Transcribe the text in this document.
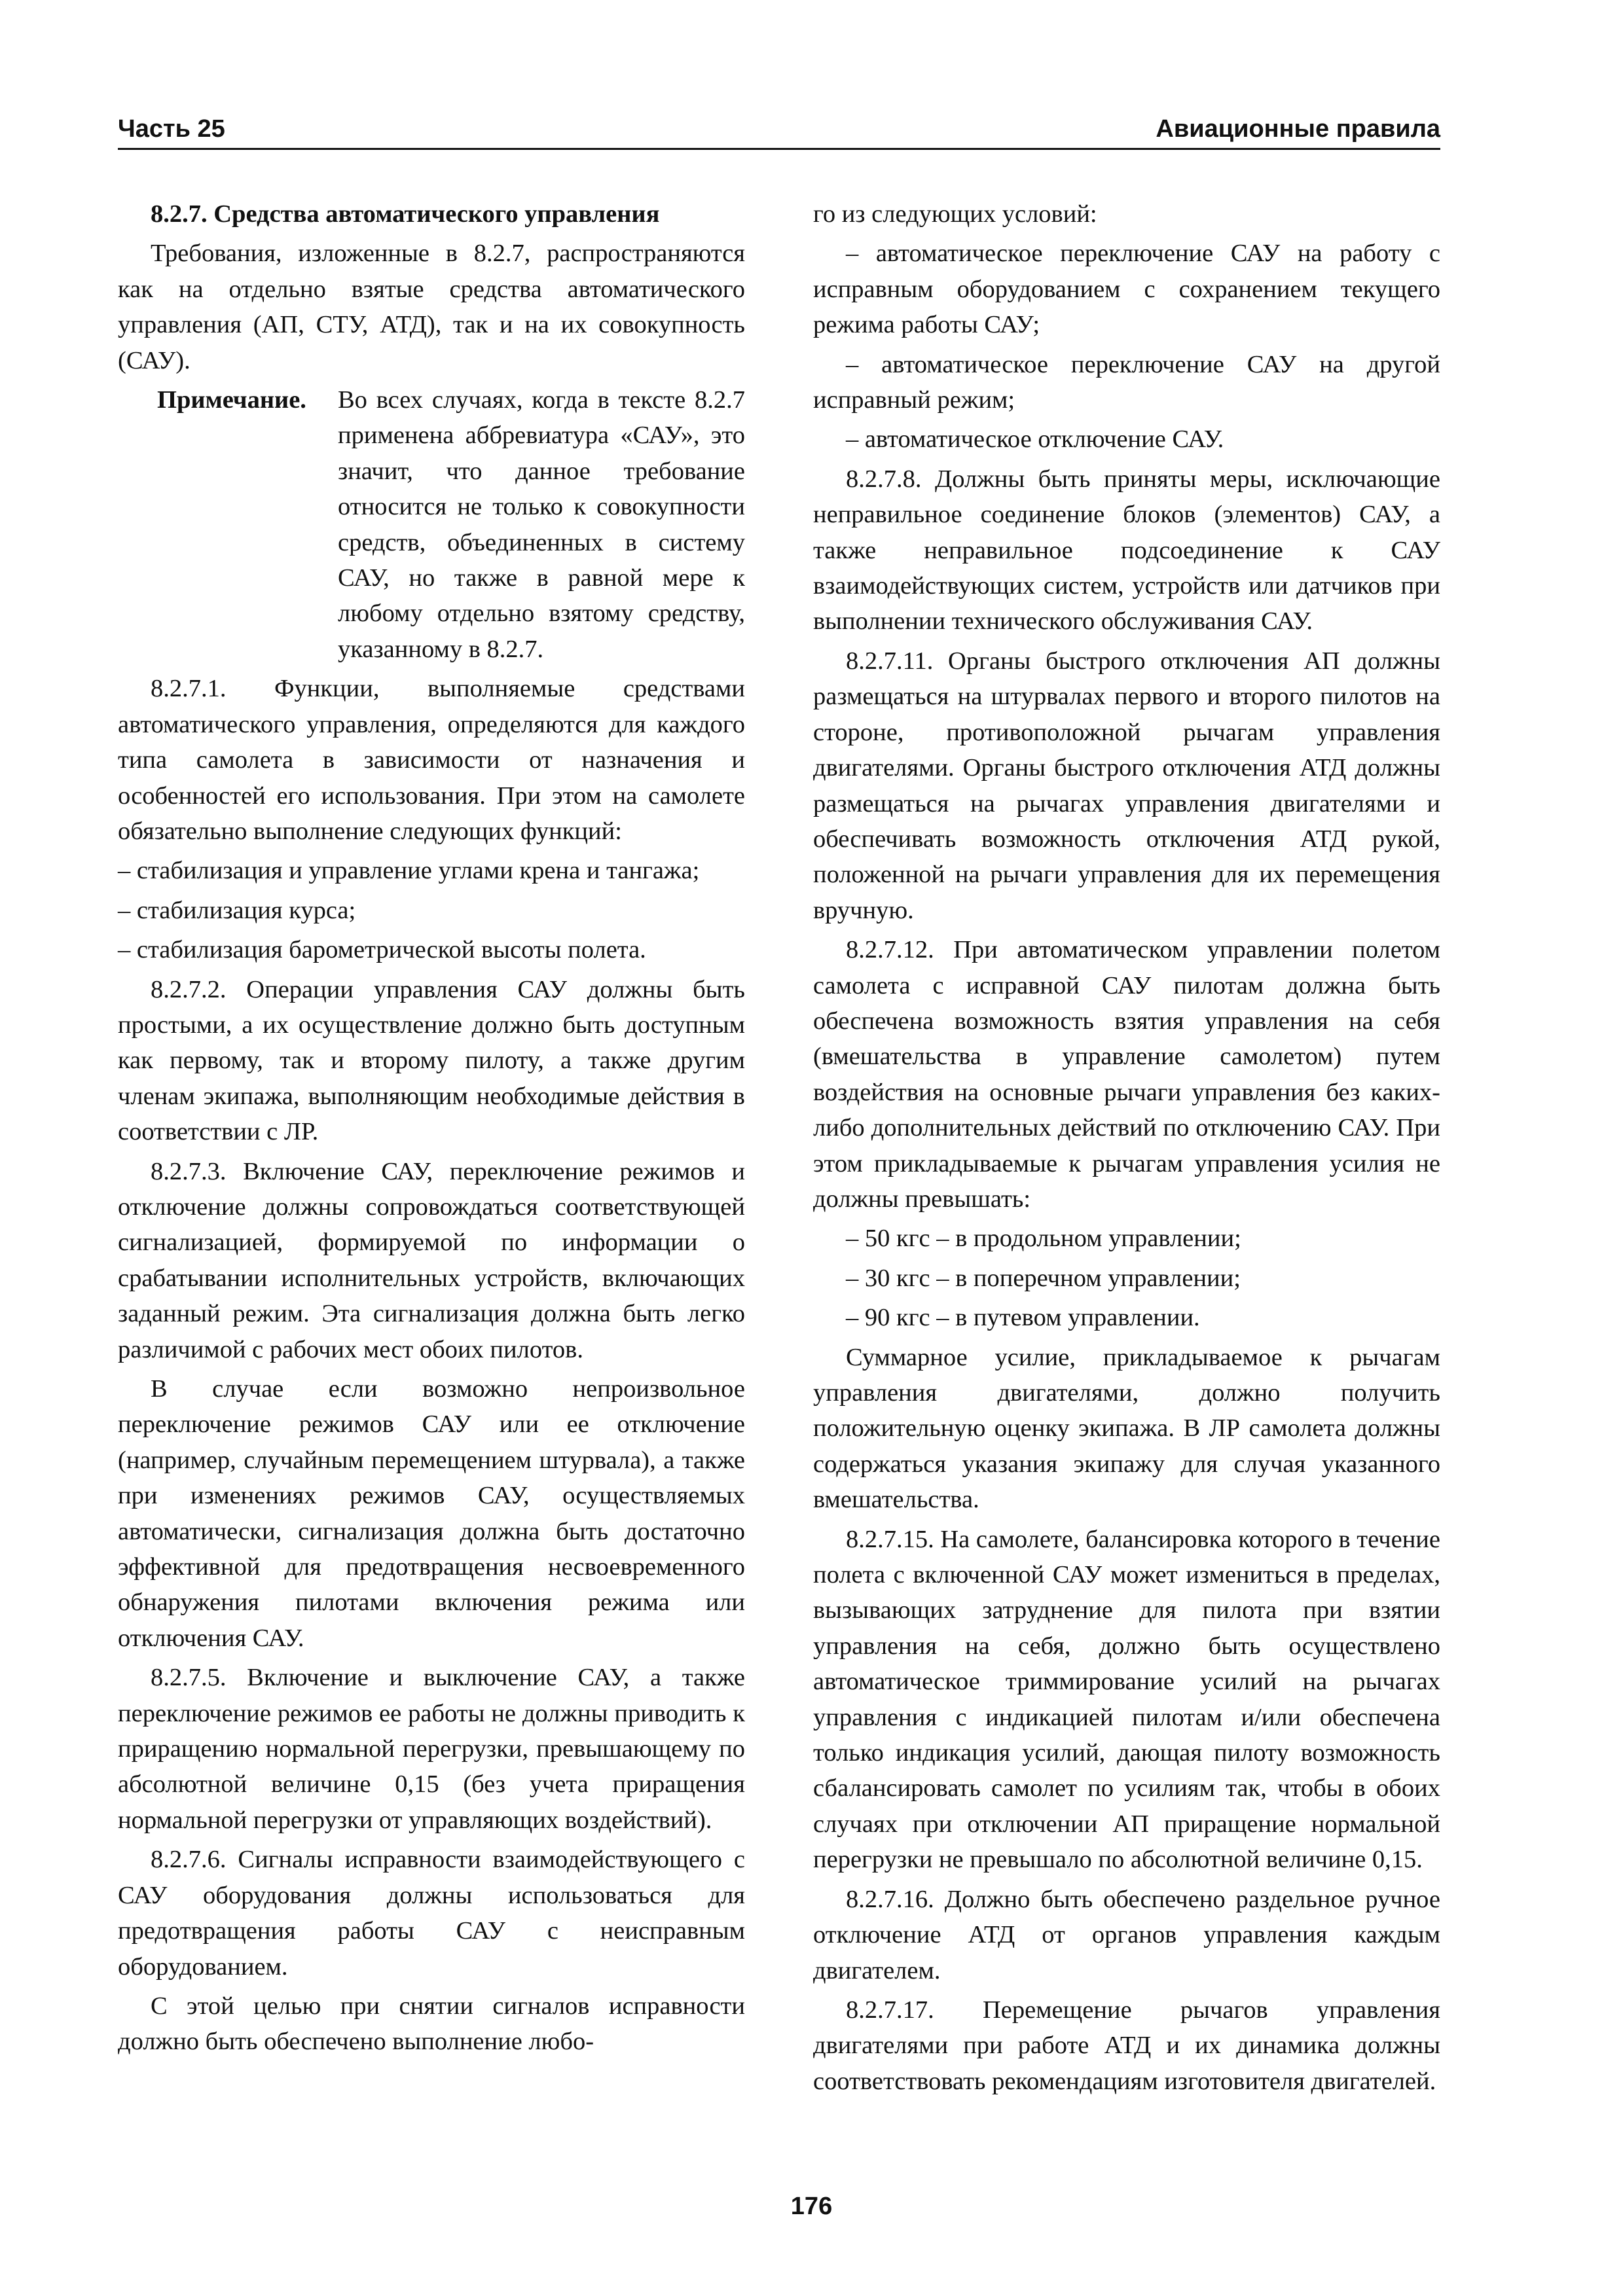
Часть 25	Авиационные правила

8.2.7. Средства автоматического управления

Требования, изложенные в 8.2.7, распространяются как на отдельно взятые средства автоматического управления (АП, СТУ, АТД), так и на их совокупность (САУ).

Примечание. Во всех случаях, когда в тексте 8.2.7 применена аббревиатура «САУ», это значит, что данное требование относится не только к совокупности средств, объединенных в систему САУ, но также в равной мере к любому отдельно взятому средству, указанному в 8.2.7.

8.2.7.1. Функции, выполняемые средствами автоматического управления, определяются для каждого типа самолета в зависимости от назначения и особенностей его использования. При этом на самолете обязательно выполнение следующих функций:

– стабилизация и управление углами крена и тангажа;

– стабилизация курса;

– стабилизация барометрической высоты полета.

8.2.7.2. Операции управления САУ должны быть простыми, а их осуществление должно быть доступным как первому, так и второму пилоту, а также другим членам экипажа, выполняющим необходимые действия в соответствии с ЛР.

8.2.7.3. Включение САУ, переключение режимов и отключение должны сопровождаться соответствующей сигнализацией, формируемой по информации о срабатывании исполнительных устройств, включающих заданный режим. Эта сигнализация должна быть легко различимой с рабочих мест обоих пилотов.

В случае если возможно непроизвольное переключение режимов САУ или ее отключение (например, случайным перемещением штурвала), а также при изменениях режимов САУ, осуществляемых автоматически, сигнализация должна быть достаточно эффективной для предотвращения несвоевременного обнаружения пилотами включения режима или отключения САУ.

8.2.7.5. Включение и выключение САУ, а также переключение режимов ее работы не должны приводить к приращению нормальной перегрузки, превышающему по абсолютной величине 0,15 (без учета приращения нормальной перегрузки от управляющих воздействий).

8.2.7.6. Сигналы исправности взаимодействующего с САУ оборудования должны использоваться для предотвращения работы САУ с неисправным оборудованием.

С этой целью при снятии сигналов исправности должно быть обеспечено выполнение любо-

го из следующих условий:

– автоматическое переключение САУ на работу с исправным оборудованием с сохранением текущего режима работы САУ;

– автоматическое переключение САУ на другой исправный режим;

– автоматическое отключение САУ.

8.2.7.8. Должны быть приняты меры, исключающие неправильное соединение блоков (элементов) САУ, а также неправильное подсоединение к САУ взаимодействующих систем, устройств или датчиков при выполнении технического обслуживания САУ.

8.2.7.11. Органы быстрого отключения АП должны размещаться на штурвалах первого и второго пилотов на стороне, противоположной рычагам управления двигателями. Органы быстрого отключения АТД должны размещаться на рычагах управления двигателями и обеспечивать возможность отключения АТД рукой, положенной на рычаги управления для их перемещения вручную.

8.2.7.12. При автоматическом управлении полетом самолета с исправной САУ пилотам должна быть обеспечена возможность взятия управления на себя (вмешательства в управление самолетом) путем воздействия на основные рычаги управления без каких-либо дополнительных действий по отключению САУ. При этом прикладываемые к рычагам управления усилия не должны превышать:

– 50 кгс – в продольном управлении;

– 30 кгс – в поперечном управлении;

– 90 кгс – в путевом управлении.

Суммарное усилие, прикладываемое к рычагам управления двигателями, должно получить положительную оценку экипажа. В ЛР самолета должны содержаться указания экипажу для случая указанного вмешательства.

8.2.7.15. На самолете, балансировка которого в течение полета с включенной САУ может измениться в пределах, вызывающих затруднение для пилота при взятии управления на себя, должно быть осуществлено автоматическое триммирование усилий на рычагах управления с индикацией пилотам и/или обеспечена только индикация усилий, дающая пилоту возможность сбалансировать самолет по усилиям так, чтобы в обоих случаях при отключении АП приращение нормальной перегрузки не превышало по абсолютной величине 0,15.

8.2.7.16. Должно быть обеспечено раздельное ручное отключение АТД от органов управления каждым двигателем.

8.2.7.17. Перемещение рычагов управления двигателями при работе АТД и их динамика должны соответствовать рекомендациям изготовителя двигателей.

176
